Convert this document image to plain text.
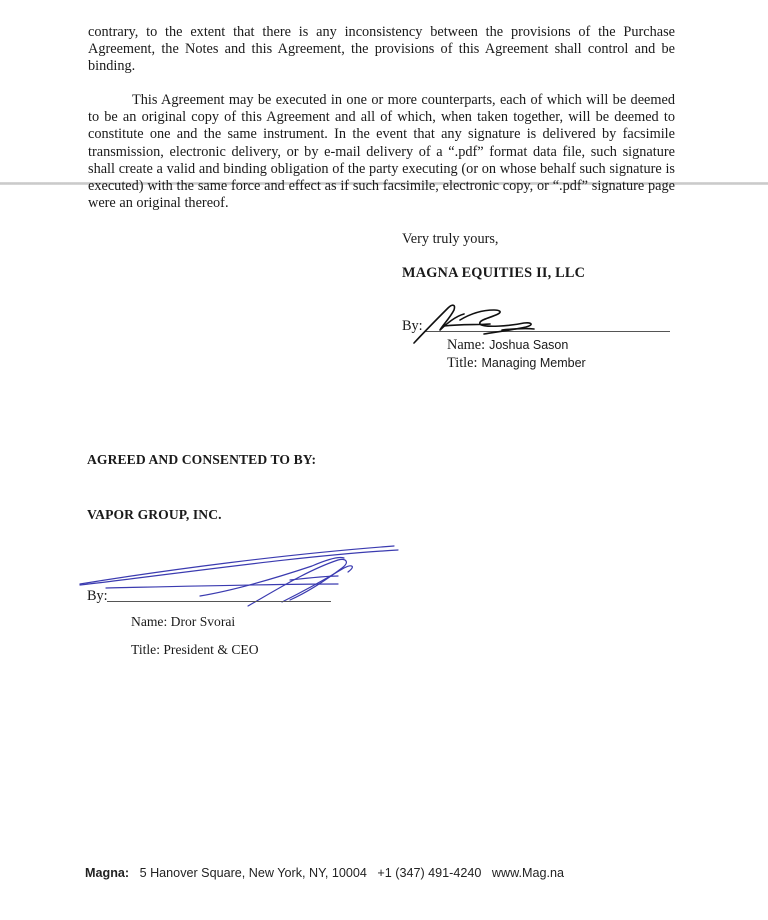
contrary, to the extent that there is any inconsistency between the provisions of the Purchase Agreement, the Notes and this Agreement, the provisions of this Agreement shall control and be binding.

This Agreement may be executed in one or more counterparts, each of which will be deemed to be an original copy of this Agreement and all of which, when taken together, will be deemed to constitute one and the same instrument. In the event that any signature is delivered by facsimile transmission, electronic delivery, or by e-mail delivery of a “.pdf” format data file, such signature shall create a valid and binding obligation of the party executing (or on whose behalf such signature is executed) with the same force and effect as if such facsimile, electronic copy, or “.pdf” signature page were an original thereof.

Very truly yours,
MAGNA EQUITIES II, LLC
By:
Name: Joshua Sason
Title: Managing Member
AGREED AND CONSENTED TO BY:
VAPOR GROUP, INC.
By:
Name: Dror Svorai
Title: President & CEO
Magna: 5 Hanover Square, New York, NY, 10004 +1 (347) 491-4240 www.Mag.na
